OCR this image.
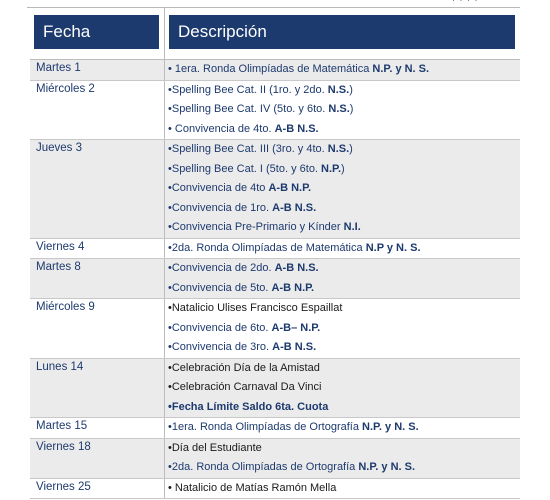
· · · ·
Fecha	Descripción
Martes 1	• 1era. Ronda Olimpíadas de Matemática N.P. y N. S.
Miércoles 2	•Spelling Bee Cat. II (1ro. y 2do. N.S.)
•Spelling Bee Cat. IV (5to. y 6to. N.S.)
• Convivencia de 4to. A-B N.S.
Jueves 3	•Spelling Bee Cat. III (3ro. y 4to. N.S.)
•Spelling Bee Cat. I (5to. y 6to. N.P.)
•Convivencia de 4to A-B N.P.
•Convivencia de 1ro. A-B N.S.
•Convivencia Pre-Primario y Kínder N.I.
Viernes 4	•2da. Ronda Olimpíadas de Matemática N.P y N. S.
Martes 8	•Convivencia de 2do. A-B N.S.
•Convivencia de 5to. A-B N.P.
Miércoles 9	•Natalicio Ulises Francisco Espaillat
•Convivencia de 6to. A-B– N.P.
•Convivencia de 3ro. A-B N.S.
Lunes 14	•Celebración Día de la Amistad
•Celebración Carnaval Da Vinci
•Fecha Límite Saldo 6ta. Cuota
Martes 15	•1era. Ronda Olimpíadas de Ortografía N.P. y N. S.
Viernes 18	•Día del Estudiante
•2da. Ronda Olimpíadas de Ortografía N.P. y N. S.
Viernes 25	• Natalicio de Matías Ramón Mella
